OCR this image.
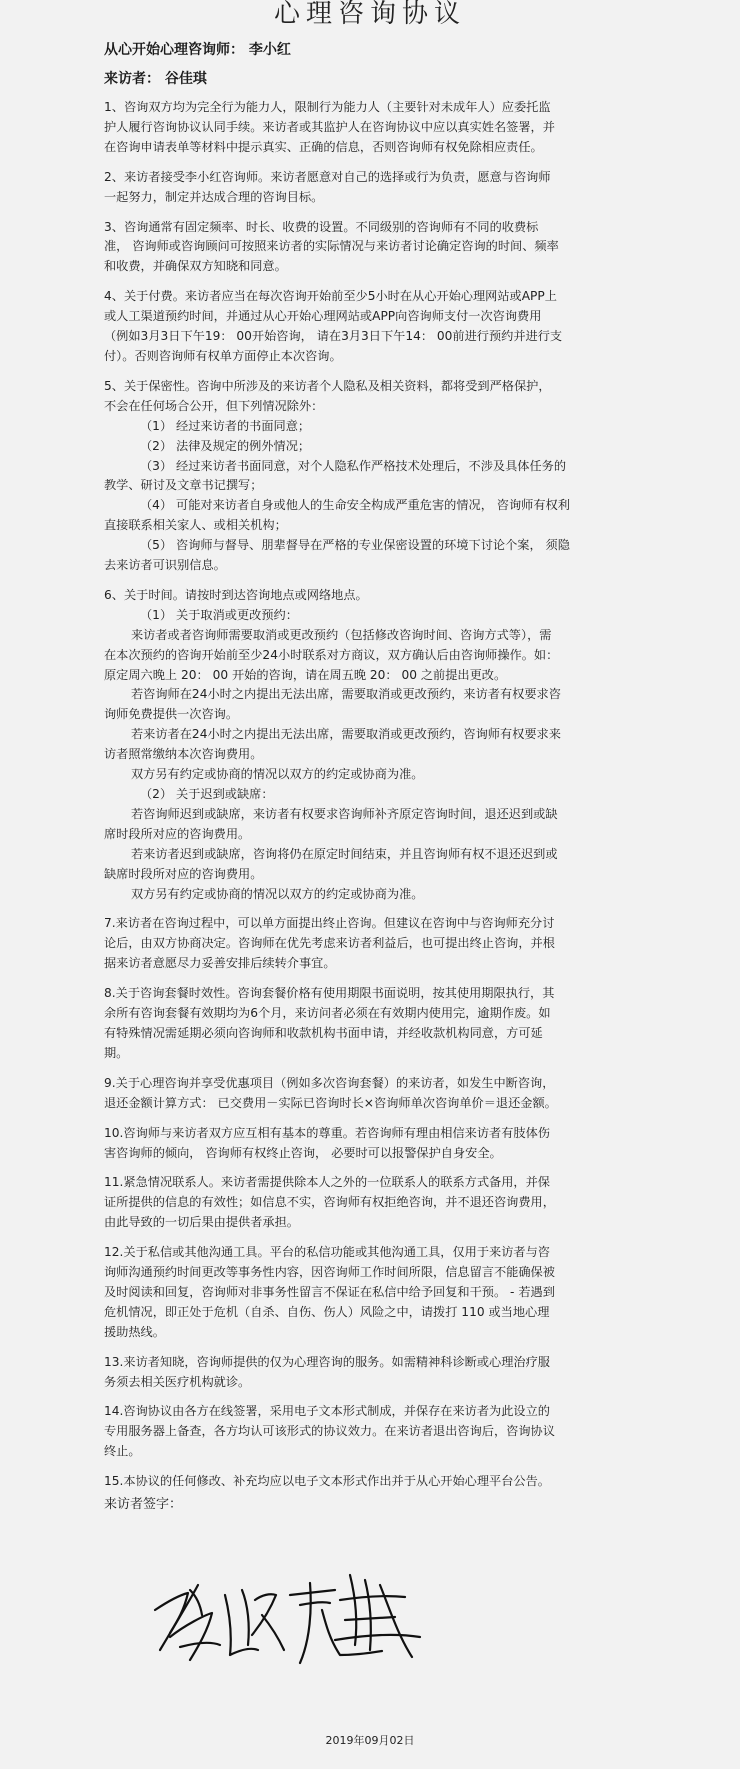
心理咨询协议
从心开始心理咨询师： 李小红
来访者： 谷佳琪
1、咨询双方均为完全行为能力人，限制行为能力人（主要针对未成年人）应委托监
护人履行咨询协议认同手续。来访者或其监护人在咨询协议中应以真实姓名签署，并
在咨询申请表单等材料中提示真实、正确的信息，否则咨询师有权免除相应责任。
2、来访者接受李小红咨询师。来访者愿意对自己的选择或行为负责，愿意与咨询师
一起努力，制定并达成合理的咨询目标。
3、咨询通常有固定频率、时长、收费的设置。不同级别的咨询师有不同的收费标
准， 咨询师或咨询顾问可按照来访者的实际情况与来访者讨论确定咨询的时间、频率
和收费，并确保双方知晓和同意。
4、关于付费。来访者应当在每次咨询开始前至少5小时在从心开始心理网站或APP上
或人工渠道预约时间，并通过从心开始心理网站或APP向咨询师支付一次咨询费用
（例如3月3日下午19： 00开始咨询， 请在3月3日下午14： 00前进行预约并进行支
付）。否则咨询师有权单方面停止本次咨询。
5、关于保密性。咨询中所涉及的来访者个人隐私及相关资料，都将受到严格保护，
不会在任何场合公开，但下列情况除外：
（1） 经过来访者的书面同意；
（2） 法律及规定的例外情况；
（3） 经过来访者书面同意，对个人隐私作严格技术处理后，不涉及具体任务的
教学、研讨及文章书记撰写；
（4） 可能对来访者自身或他人的生命安全构成严重危害的情况， 咨询师有权利
直接联系相关家人、或相关机构；
（5） 咨询师与督导、朋辈督导在严格的专业保密设置的环境下讨论个案， 须隐
去来访者可识别信息。
6、关于时间。请按时到达咨询地点或网络地点。
（1） 关于取消或更改预约：
来访者或者咨询师需要取消或更改预约（包括修改咨询时间、咨询方式等），需
在本次预约的咨询开始前至少24小时联系对方商议，双方确认后由咨询师操作。如：
原定周六晚上 20： 00 开始的咨询，请在周五晚 20： 00 之前提出更改。
若咨询师在24小时之内提出无法出席，需要取消或更改预约，来访者有权要求咨
询师免费提供一次咨询。
若来访者在24小时之内提出无法出席，需要取消或更改预约，咨询师有权要求来
访者照常缴纳本次咨询费用。
双方另有约定或协商的情况以双方的约定或协商为准。
（2） 关于迟到或缺席：
若咨询师迟到或缺席，来访者有权要求咨询师补齐原定咨询时间，退还迟到或缺
席时段所对应的咨询费用。
若来访者迟到或缺席，咨询将仍在原定时间结束，并且咨询师有权不退还迟到或
缺席时段所对应的咨询费用。
双方另有约定或协商的情况以双方的约定或协商为准。
7.来访者在咨询过程中，可以单方面提出终止咨询。但建议在咨询中与咨询师充分讨
论后，由双方协商决定。咨询师在优先考虑来访者利益后，也可提出终止咨询，并根
据来访者意愿尽力妥善安排后续转介事宜。
8.关于咨询套餐时效性。咨询套餐价格有使用期限书面说明，按其使用期限执行，其
余所有咨询套餐有效期均为6个月，来访问者必须在有效期内使用完，逾期作废。如
有特殊情况需延期必须向咨询师和收款机构书面申请，并经收款机构同意，方可延
期。
9.关于心理咨询并享受优惠项目（例如多次咨询套餐）的来访者，如发生中断咨询，
退还金额计算方式： 已交费用－实际已咨询时长×咨询师单次咨询单价＝退还金额。
10.咨询师与来访者双方应互相有基本的尊重。若咨询师有理由相信来访者有肢体伤
害咨询师的倾向， 咨询师有权终止咨询， 必要时可以报警保护自身安全。
11.紧急情况联系人。来访者需提供除本人之外的一位联系人的联系方式备用，并保
证所提供的信息的有效性；如信息不实，咨询师有权拒绝咨询，并不退还咨询费用，
由此导致的一切后果由提供者承担。
12.关于私信或其他沟通工具。平台的私信功能或其他沟通工具，仅用于来访者与咨
询师沟通预约时间更改等事务性内容，因咨询师工作时间所限，信息留言不能确保被
及时阅读和回复，咨询师对非事务性留言不保证在私信中给予回复和干预。 - 若遇到
危机情况，即正处于危机（自杀、自伤、伤人）风险之中，请拨打 110 或当地心理
援助热线。
13.来访者知晓，咨询师提供的仅为心理咨询的服务。如需精神科诊断或心理治疗服
务须去相关医疗机构就诊。
14.咨询协议由各方在线签署，采用电子文本形式制成，并保存在来访者为此设立的
专用服务器上备查，各方均认可该形式的协议效力。在来访者退出咨询后，咨询协议
终止。
15.本协议的任何修改、补充均应以电子文本形式作出并于从心开始心理平台公告。
来访者签字：
2019年09月02日
